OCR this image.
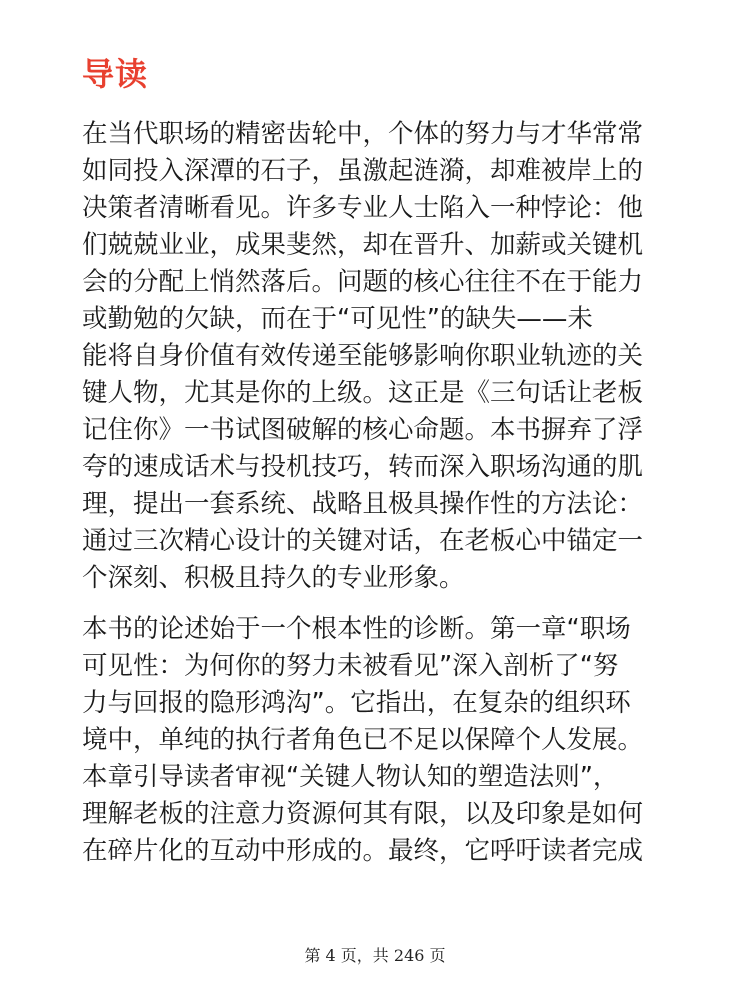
导读
在当代职场的精密齿轮中，个体的努力与才华常常
如同投入深潭的石子，虽激起涟漪，却难被岸上的
决策者清晰看见。许多专业人士陷入一种悖论：他
们兢兢业业，成果斐然，却在晋升、加薪或关键机
会的分配上悄然落后。问题的核心往往不在于能力
或勤勉的欠缺，而在于“可见性”的缺失——未
能将自身价值有效传递至能够影响你职业轨迹的关
键人物，尤其是你的上级。这正是《三句话让老板
记住你》一书试图破解的核心命题。本书摒弃了浮
夸的速成话术与投机技巧，转而深入职场沟通的肌
理，提出一套系统、战略且极具操作性的方法论：
通过三次精心设计的关键对话，在老板心中锚定一
个深刻、积极且持久的专业形象。
本书的论述始于一个根本性的诊断。第一章“职场
可见性：为何你的努力未被看见”深入剖析了“努
力与回报的隐形鸿沟”。它指出，在复杂的组织环
境中，单纯的执行者角色已不足以保障个人发展。
本章引导读者审视“关键人物认知的塑造法则”，
理解老板的注意力资源何其有限，以及印象是如何
在碎片化的互动中形成的。最终，它呼吁读者完成
第 4 页，共 246 页
